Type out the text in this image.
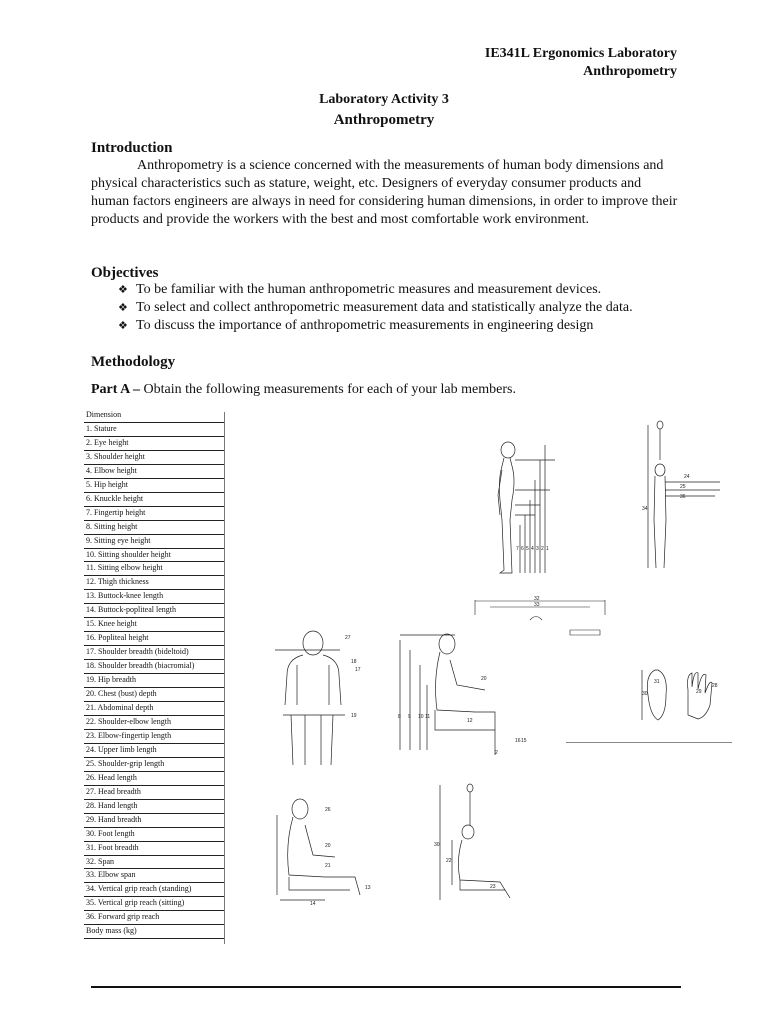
IE341L Ergonomics Laboratory
Anthropometry
Laboratory Activity 3
Anthropometry
Introduction
Anthropometry is a science concerned with the measurements of human body dimensions and physical characteristics such as stature, weight, etc. Designers of everyday consumer products and human factors engineers are always in need for considering human dimensions, in order to improve their products and provide the workers with the best and most comfortable work environment.
Objectives
❖ To be familiar with the human anthropometric measures and measurement devices.
❖ To select and collect anthropometric measurement data and statistically analyze the data.
❖ To discuss the importance of anthropometric measurements in engineering design
Methodology
Part A – Obtain the following measurements for each of your lab members.
Dimension
1. Stature
2. Eye height
3. Shoulder height
4. Elbow height
5. Hip height
6. Knuckle height
7. Fingertip height
8. Sitting height
9. Sitting eye height
10. Sitting shoulder height
11. Sitting elbow height
12. Thigh thickness
13. Buttock-knee length
14. Buttock-popliteal length
15. Knee height
16. Popliteal height
17. Shoulder breadth (bideltoid)
18. Shoulder breadth (biacromial)
19. Hip breadth
20. Chest (bust) depth
21. Abdominal depth
22. Shoulder-elbow length
23. Elbow-fingertip length
24. Upper limb length
25. Shoulder-grip length
26. Head length
27. Head breadth
28. Hand length
29. Hand breadth
30. Foot length
31. Foot breadth
32. Span
33. Elbow span
34. Vertical grip reach (standing)
35. Vertical grip reach (sitting)
36. Forward grip reach
Body mass (kg)
7 6 5 4 3 2 1
34
24
25
36
32
33
27
18
17
19
20
8 9 10 11
12
16 15
2
31
29
30
28
26
20
21
13
14
30
22
23
